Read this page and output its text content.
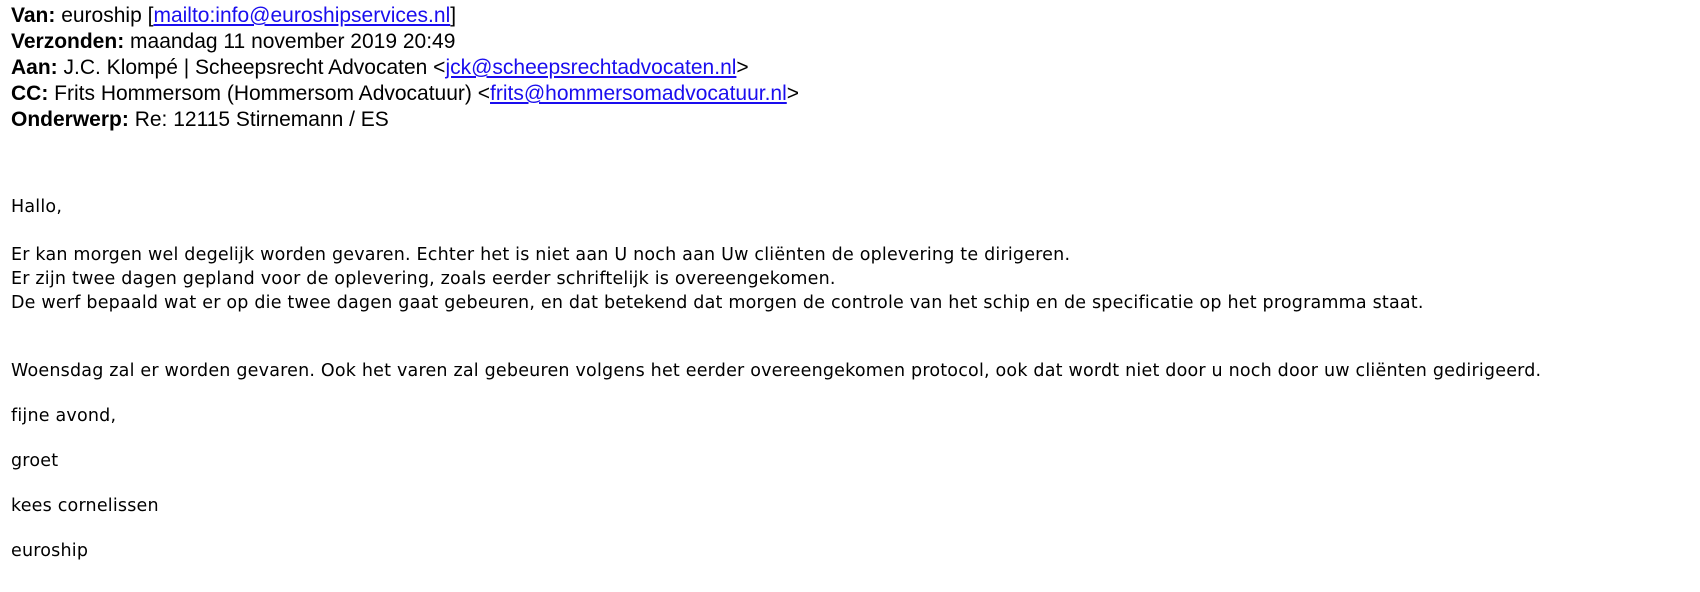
Van: euroship [mailto:info@euroshipservices.nl]
Verzonden: maandag 11 november 2019 20:49
Aan: J.C. Klompé | Scheepsrecht Advocaten <jck@scheepsrechtadvocaten.nl>
CC: Frits Hommersom (Hommersom Advocatuur) <frits@hommersomadvocatuur.nl>
Onderwerp: Re: 12115 Stirnemann / ES
Hallo,
Er kan morgen wel degelijk worden gevaren. Echter het is niet aan U noch aan Uw cliënten de oplevering te dirigeren.
Er zijn twee dagen gepland voor de oplevering, zoals eerder schriftelijk is overeengekomen.
De werf bepaald wat er op die twee dagen gaat gebeuren, en dat betekend dat morgen de controle van het schip en de specificatie op het programma staat.
Woensdag zal er worden gevaren. Ook het varen zal gebeuren volgens het eerder overeengekomen protocol, ook dat wordt niet door u noch door uw cliënten gedirigeerd.
fijne avond,
groet
kees cornelissen
euroship
